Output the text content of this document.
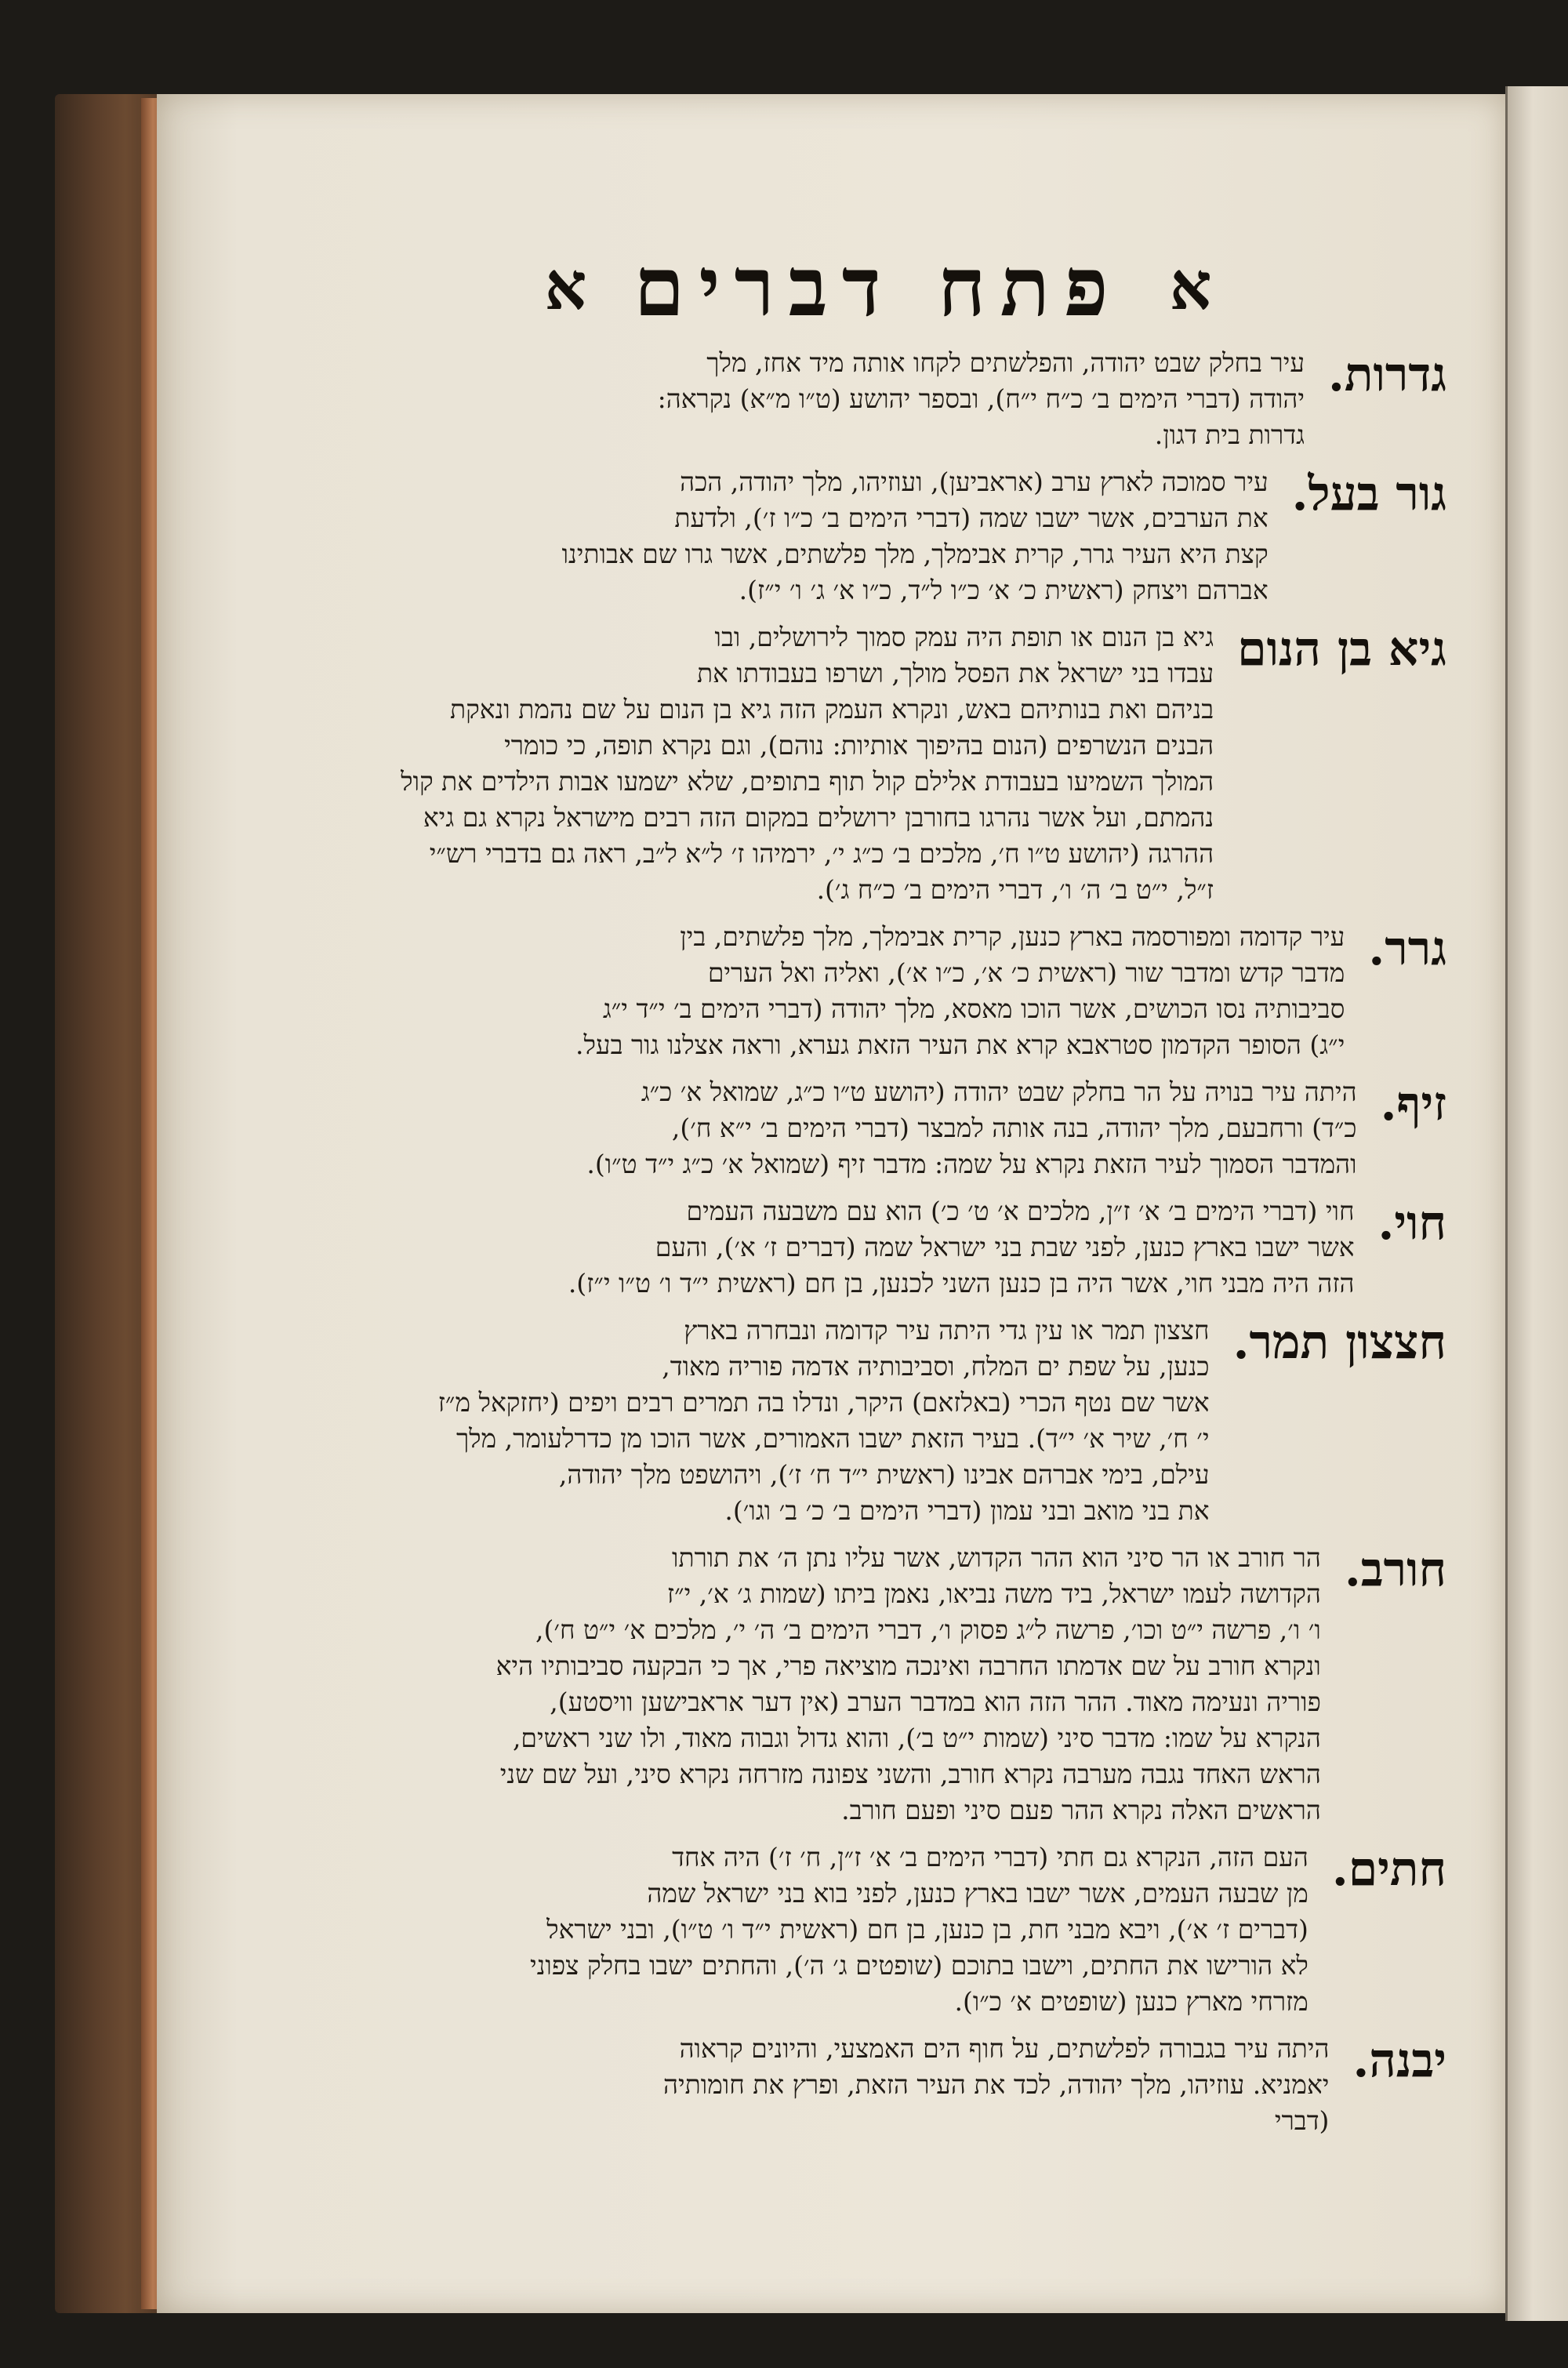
א
פתח דברים
א
גדרות.
עיר בחלק שבט יהודה, והפלשתים לקחו אותה מיד אחז, מלך
יהודה (דברי הימים ב׳ כ״ח י״ח), ובספר יהושע (ט״ו מ״א) נקראה:
גדרות בית דגון.
גור בעל.
עיר סמוכה לארץ ערב (אראביען), ועוזיהו, מלך יהודה, הכה
את הערבים, אשר ישבו שמה (דברי הימים ב׳ כ״ו ז׳), ולדעת
קצת היא העיר גרר, קרית אבימלך, מלך פלשתים, אשר גרו שם אבותינו
אברהם ויצחק (ראשית כ׳ א׳ כ״ו ל״ד, כ״ו א׳ ג׳ ו׳ י״ז).
גיא בן הנום
גיא בן הנום או תופת היה עמק סמוך לירושלים, ובו
עבדו בני ישראל את הפסל מולך, ושרפו בעבודתו את
בניהם ואת בנותיהם באש, ונקרא העמק הזה גיא בן הנום על שם נהמת ונאקת
הבנים הנשרפים (הנום בהיפוך אותיות: נוהם), וגם נקרא תופה, כי כומרי
המולך השמיעו בעבודת אלילם קול תוף בתופים, שלא ישמעו אבות הילדים את קול
נהמתם, ועל אשר נהרגו בחורבן ירושלים במקום הזה רבים מישראל נקרא גם גיא
ההרגה (יהושע ט״ו ח׳, מלכים ב׳ כ״ג י׳, ירמיהו ז׳ ל״א ל״ב, ראה גם בדברי רש״י
ז״ל, י״ט ב׳ ה׳ ו׳, דברי הימים ב׳ כ״ח ג׳).
גרר.
עיר קדומה ומפורסמה בארץ כנען, קרית אבימלך, מלך פלשתים, בין
מדבר קדש ומדבר שור (ראשית כ׳ א׳, כ״ו א׳), ואליה ואל הערים
סביבותיה נסו הכושים, אשר הוכו מאסא, מלך יהודה (דברי הימים ב׳ י״ד י״ג
י״ג) הסופר הקדמון סטראבא קרא את העיר הזאת גערא, וראה אצלנו גור בעל.
זיף.
היתה עיר בנויה על הר בחלק שבט יהודה (יהושע ט״ו כ״ג, שמואל א׳ כ״ג
כ״ד) ורחבעם, מלך יהודה, בנה אותה למבצר (דברי הימים ב׳ י״א ח׳),
והמדבר הסמוך לעיר הזאת נקרא על שמה: מדבר זיף (שמואל א׳ כ״ג י״ד ט״ו).
חוי.
חוי (דברי הימים ב׳ א׳ ז״ן, מלכים א׳ ט׳ כ׳) הוא עם משבעה העמים
אשר ישבו בארץ כנען, לפני שבת בני ישראל שמה (דברים ז׳ א׳), והעם
הזה היה מבני חוי, אשר היה בן כנען השני לכנען, בן חם (ראשית י״ד ו׳ ט״ו י״ז).
חצצון תמר.
חצצון תמר או עין גדי היתה עיר קדומה ונבחרה בארץ
כנען, על שפת ים המלח, וסביבותיה אדמה פוריה מאוד,
אשר שם נטף הכרי (באלזאם) היקר, ונדלו בה תמרים רבים ויפים (יחזקאל מ״ז
י׳ ח׳, שיר א׳ י״ד). בעיר הזאת ישבו האמורים, אשר הוכו מן כדרלעומר, מלך
עילם, בימי אברהם אבינו (ראשית י״ד ח׳ ז׳), ויהושפט מלך יהודה,
את בני מואב ובני עמון (דברי הימים ב׳ כ׳ ב׳ וגו׳).
חורב.
הר חורב או הר סיני הוא ההר הקדוש, אשר עליו נתן ה׳ את תורתו
הקדושה לעמו ישראל, ביד משה נביאו, נאמן ביתו (שמות ג׳ א׳, י״ז
ו׳ ו׳, פרשה י״ט וכו׳, פרשה ל״ג פסוק ו׳, דברי הימים ב׳ ה׳ י׳, מלכים א׳ י״ט ח׳),
ונקרא חורב על שם אדמתו החרבה ואינכה מוציאה פרי, אך כי הבקעה סביבותיו היא
פוריה ונעימה מאוד. ההר הזה הוא במדבר הערב (אין דער אראבישען וויסטע),
הנקרא על שמו: מדבר סיני (שמות י״ט ב׳), והוא גדול וגבוה מאוד, ולו שני ראשים,
הראש האחד נגבה מערבה נקרא חורב, והשני צפונה מזרחה נקרא סיני, ועל שם שני
הראשים האלה נקרא ההר פעם סיני ופעם חורב.
חתים.
העם הזה, הנקרא גם חתי (דברי הימים ב׳ א׳ ז״ן, ח׳ ז׳) היה אחד
מן שבעה העמים, אשר ישבו בארץ כנען, לפני בוא בני ישראל שמה
(דברים ז׳ א׳), ויבא מבני חת, בן כנען, בן חם (ראשית י״ד ו׳ ט״ו), ובני ישראל
לא הורישו את החתים, וישבו בתוכם (שופטים ג׳ ה׳), והחתים ישבו בחלק צפוני
מזרחי מארץ כנען (שופטים א׳ כ״ו).
יבנה.
היתה עיר בגבורה לפלשתים, על חוף הים האמצעי, והיונים קראוה
יאמניא. עוזיהו, מלך יהודה, לכד את העיר הזאת, ופרץ את חומותיה
(דברי
